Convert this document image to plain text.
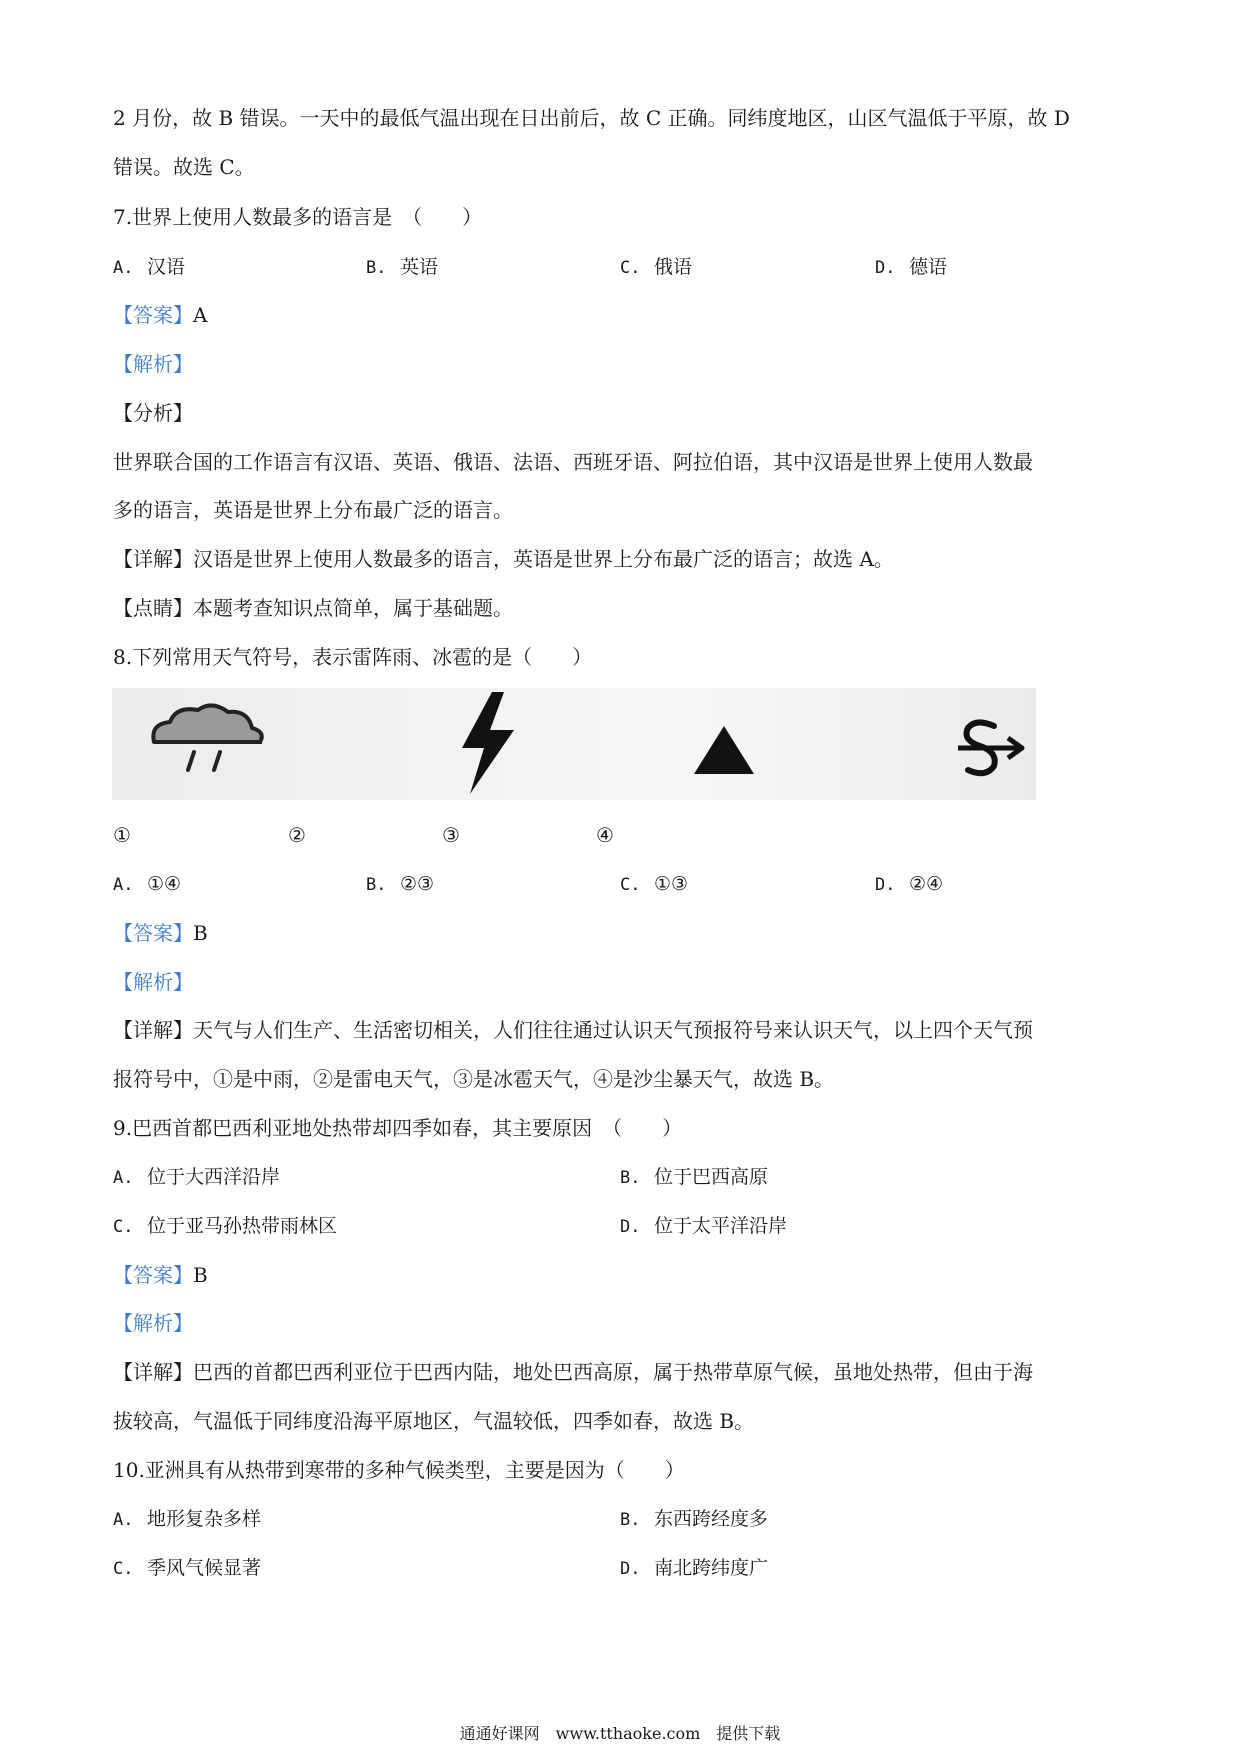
2 月份，故 B 错误。一天中的最低气温出现在日出前后，故 C 正确。同纬度地区，山区气温低于平原，故 D
错误。故选 C。
7.世界上使用人数最多的语言是　（　　）
A. 汉语	B. 英语	C. 俄语	D. 德语
【答案】A
【解析】
【分析】
世界联合国的工作语言有汉语、英语、俄语、法语、西班牙语、阿拉伯语，其中汉语是世界上使用人数最
多的语言，英语是世界上分布最广泛的语言。
【详解】汉语是世界上使用人数最多的语言，英语是世界上分布最广泛的语言；故选 A。
【点睛】本题考查知识点简单，属于基础题。
8.下列常用天气符号，表示雷阵雨、冰雹的是（　　）
①	②	③	④
A. ①④	B. ②③	C. ①③	D. ②④
【答案】B
【解析】
【详解】天气与人们生产、生活密切相关，人们往往通过认识天气预报符号来认识天气，以上四个天气预
报符号中，①是中雨，②是雷电天气，③是冰雹天气，④是沙尘暴天气，故选 B。
9.巴西首都巴西利亚地处热带却四季如春，其主要原因　（　　）
A. 位于大西洋沿岸	B. 位于巴西高原
C. 位于亚马孙热带雨林区	D. 位于太平洋沿岸
【答案】B
【解析】
【详解】巴西的首都巴西利亚位于巴西内陆，地处巴西高原，属于热带草原气候，虽地处热带，但由于海
拔较高，气温低于同纬度沿海平原地区，气温较低，四季如春，故选 B。
10.亚洲具有从热带到寒带的多种气候类型，主要是因为（　　）
A. 地形复杂多样	B. 东西跨经度多
C. 季风气候显著	D. 南北跨纬度广
通通好课网　www.tthaoke.com　提供下载
